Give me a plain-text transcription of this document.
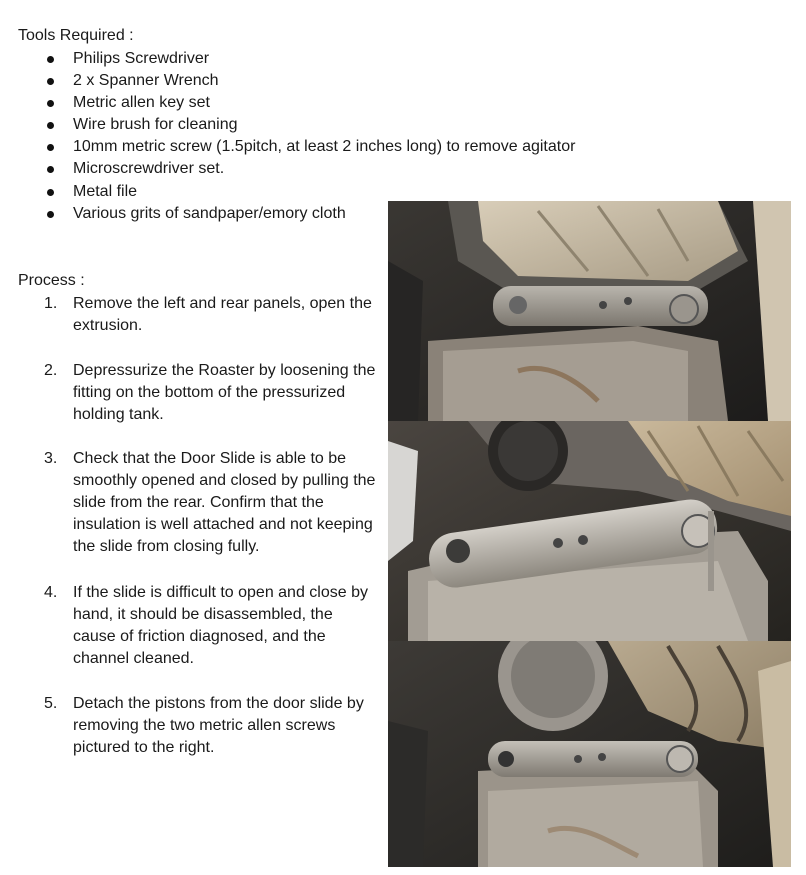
Tools Required :
Philips Screwdriver
2 x Spanner Wrench
Metric allen key set
Wire brush for cleaning
10mm metric screw (1.5pitch, at least 2 inches long) to remove agitator
Microscrewdriver set.
Metal file
Various grits of sandpaper/emory cloth
Process :
1. Remove the left and rear panels, open the extrusion.
2. Depressurize the Roaster by loosening the fitting on the bottom of the pressurized holding tank.
3. Check that the Door Slide is able to be smoothly opened and closed by pulling the slide from the rear. Confirm that the insulation is well attached and not keeping the slide from closing fully.
4. If the slide is difficult to open and close by hand, it should be disassembled, the cause of friction diagnosed, and the channel cleaned.
5. Detach the pistons from the door slide by removing the two metric allen screws pictured to the right.
